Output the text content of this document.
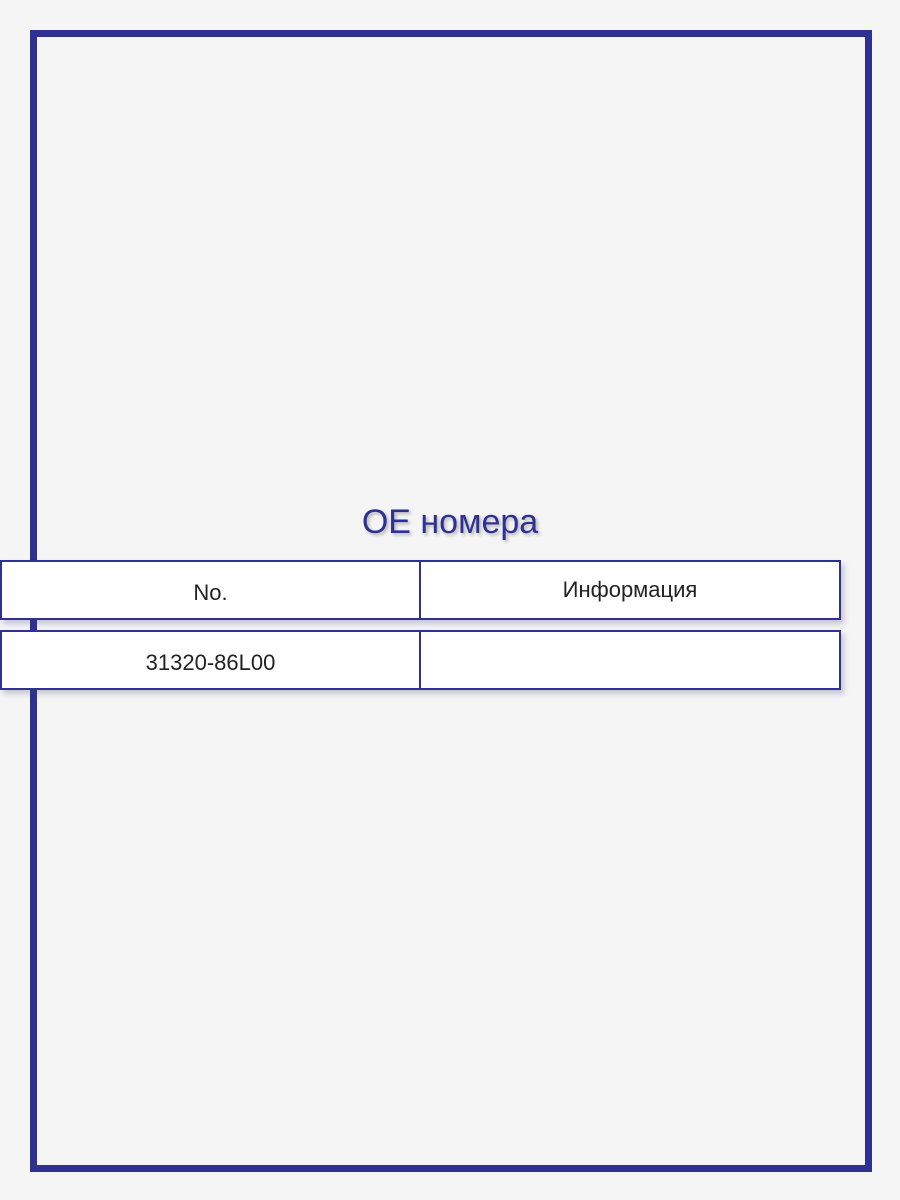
OE номера
No.	Информация
31320-86L00
